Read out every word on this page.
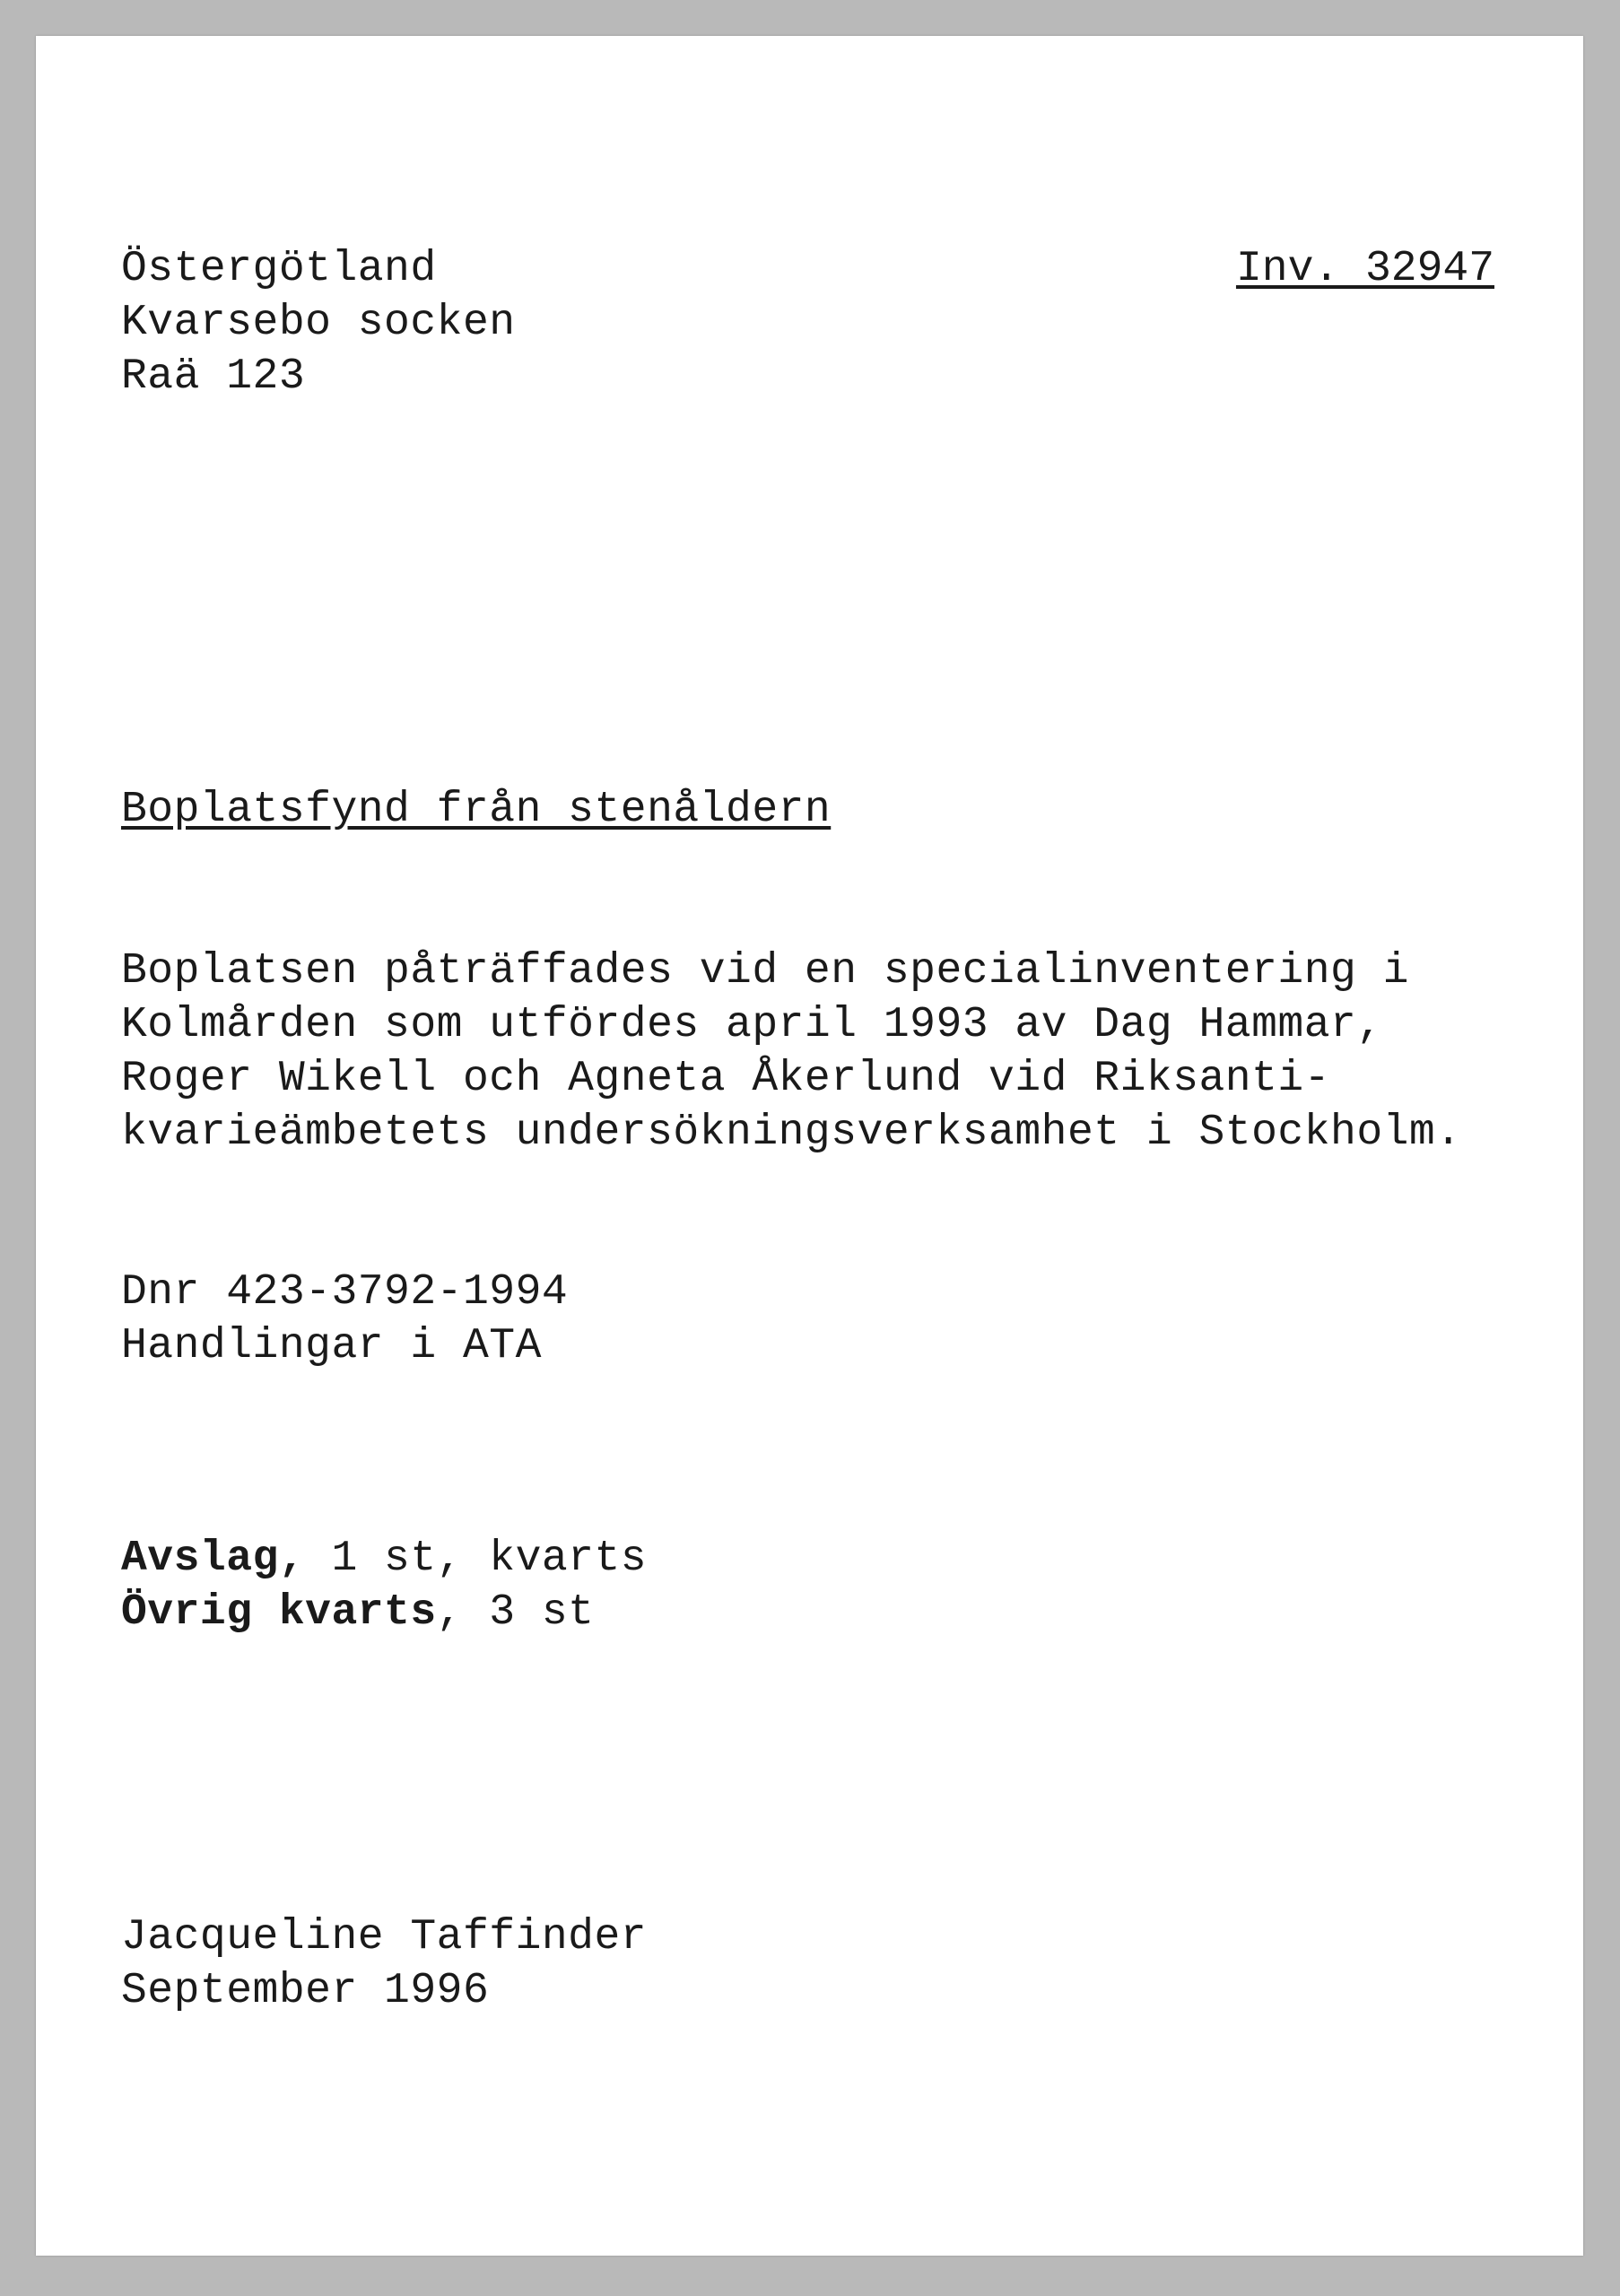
Östergötland
Kvarsebo socken
Raä 123
Inv. 32947
Boplatsfynd från stenåldern
Boplatsen påträffades vid en specialinventering i
Kolmården som utfördes april 1993 av Dag Hammar,
Roger Wikell och Agneta Åkerlund vid Riksanti-
kvarieämbetets undersökningsverksamhet i Stockholm.
Dnr 423-3792-1994
Handlingar i ATA
Avslag, 1 st, kvarts
Övrig kvarts, 3 st
Jacqueline Taffinder
September 1996
